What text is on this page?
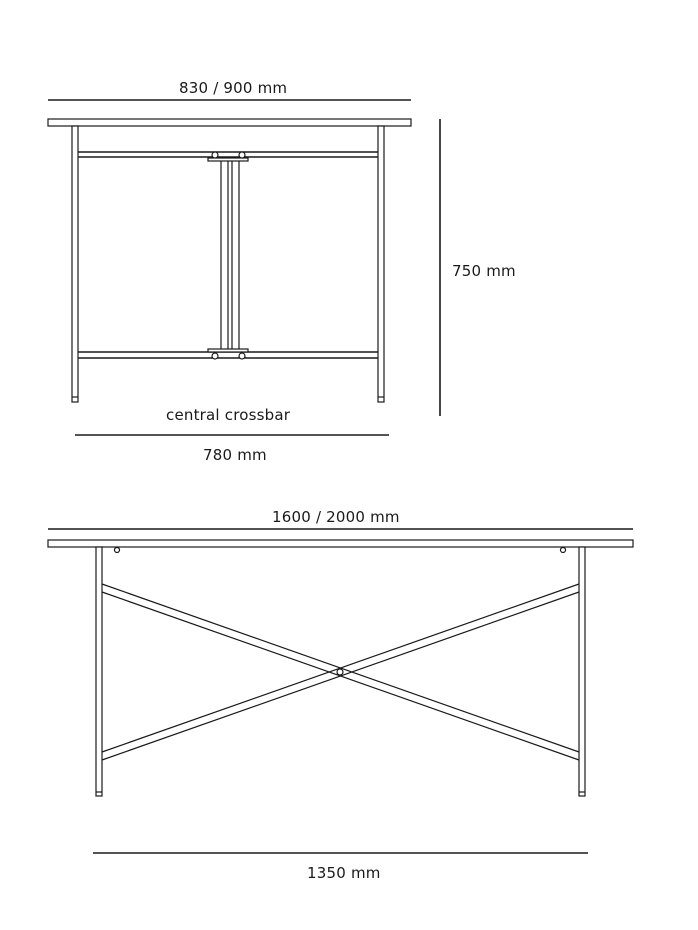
830 / 900 mm
750 mm
central crossbar
780 mm
1600 / 2000 mm
1350 mm
